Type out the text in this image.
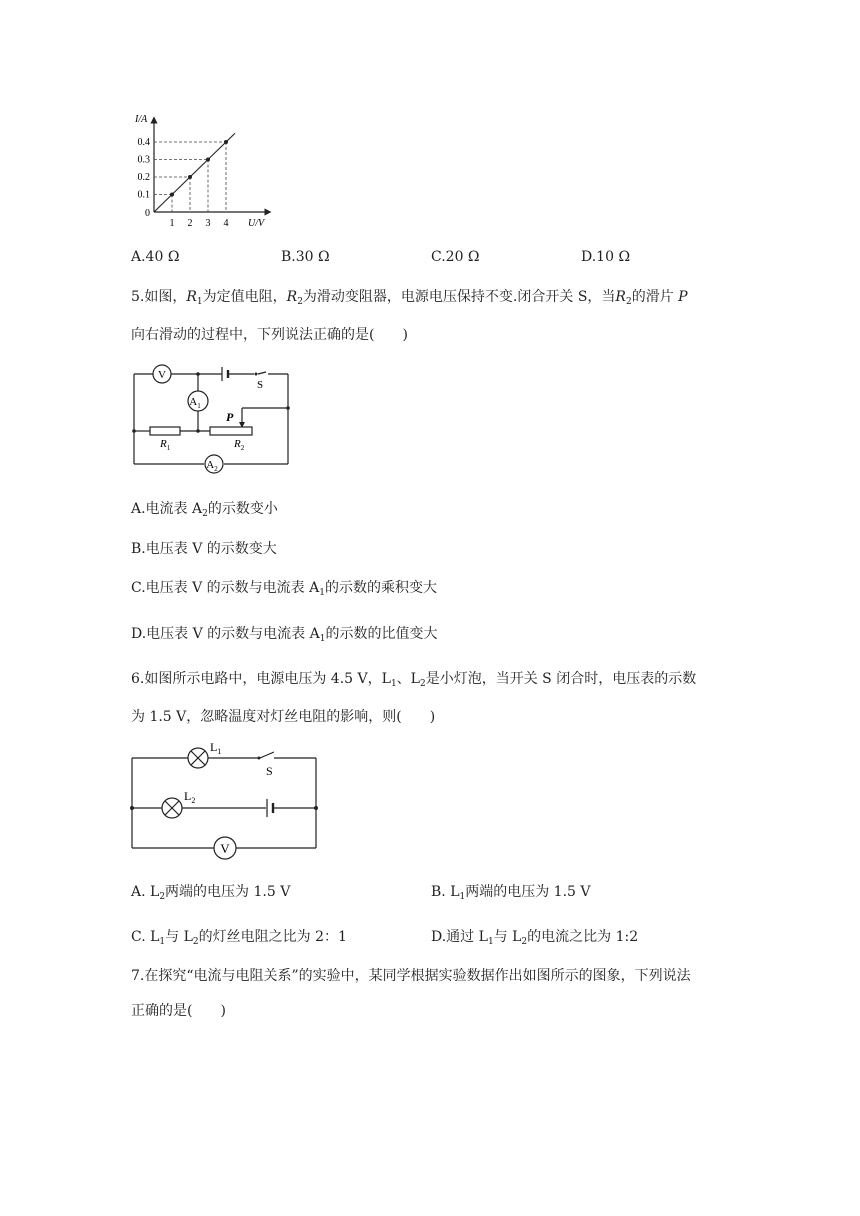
0.1
0.2
0.3
0.4
1 2 3 4
I/A
U/V
0
A.40 Ω	B.30 Ω	C.20 Ω	D.10 Ω
5.如图，$R_1$为定值电阻，$R_2$为滑动变阻器，电源电压保持不变.闭合开关 S，当$R_2$的滑片 P
向右滑动的过程中，下列说法正确的是(　　)
V
S
$A_1$
$R_1$
P
$R_2$
$A_2$
A.电流表 $A_2$的示数变小
B.电压表 V 的示数变大
C.电压表 V 的示数与电流表 $A_1$的示数的乘积变大
D.电压表 V 的示数与电流表 $A_1$的示数的比值变大
6.如图所示电路中，电源电压为 4.5 V，$L_1$、$L_2$是小灯泡，当开关 S 闭合时，电压表的示数
为 1.5 V，忽略温度对灯丝电阻的影响，则(　　)
$L_1$
S
$L_2$
V
A. $L_2$两端的电压为 1.5 V	B. $L_1$两端的电压为 1.5 V
C. $L_1$与 $L_2$的灯丝电阻之比为 2：1	D.通过 $L_1$与 $L_2$的电流之比为 1:2
7.在探究“电流与电阻关系”的实验中，某同学根据实验数据作出如图所示的图象，下列说法
正确的是(　　)
